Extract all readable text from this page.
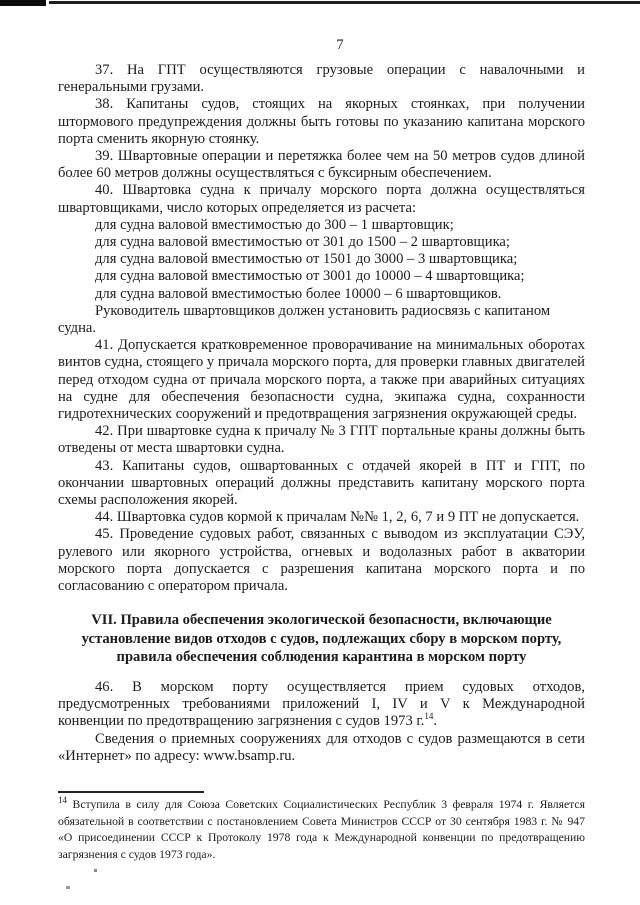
7
37. На ГПТ осуществляются грузовые операции с навалочными и генеральными грузами.
38. Капитаны судов, стоящих на якорных стоянках, при получении штормового предупреждения должны быть готовы по указанию капитана морского порта сменить якорную стоянку.
39. Швартовные операции и перетяжка более чем на 50 метров судов длиной более 60 метров должны осуществляться с буксирным обеспечением.
40. Швартовка судна к причалу морского порта должна осуществляться швартовщиками, число которых определяется из расчета:
для судна валовой вместимостью до 300 – 1 швартовщик;
для судна валовой вместимостью от 301 до 1500 – 2 швартовщика;
для судна валовой вместимостью от 1501 до 3000 – 3 швартовщика;
для судна валовой вместимостью от 3001 до 10000 – 4 швартовщика;
для судна валовой вместимостью более 10000 – 6 швартовщиков.
Руководитель швартовщиков должен установить радиосвязь с капитаном судна.
41. Допускается кратковременное проворачивание на минимальных оборотах винтов судна, стоящего у причала морского порта, для проверки главных двигателей перед отходом судна от причала морского порта, а также при аварийных ситуациях на судне для обеспечения безопасности судна, экипажа судна, сохранности гидротехнических сооружений и предотвращения загрязнения окружающей среды.
42. При швартовке судна к причалу № 3 ГПТ портальные краны должны быть отведены от места швартовки судна.
43. Капитаны судов, ошвартованных с отдачей якорей в ПТ и ГПТ, по окончании швартовных операций должны представить капитану морского порта схемы расположения якорей.
44. Швартовка судов кормой к причалам №№ 1, 2, 6, 7 и 9 ПТ не допускается.
45. Проведение судовых работ, связанных с выводом из эксплуатации СЭУ, рулевого или якорного устройства, огневых и водолазных работ в акватории морского порта допускается с разрешения капитана морского порта и по согласованию с оператором причала.
VII. Правила обеспечения экологической безопасности, включающие
установление видов отходов с судов, подлежащих сбору в морском порту,
правила обеспечения соблюдения карантина в морском порту
46. В морском порту осуществляется прием судовых отходов, предусмотренных требованиями приложений I, IV и V к Международной конвенции по предотвращению загрязнения с судов 1973 г.$^{14}$.
Сведения о приемных сооружениях для отходов с судов размещаются в сети «Интернет» по адресу: www.bsamp.ru.
$^{14}$ Вступила в силу для Союза Советских Социалистических Республик 3 февраля 1974 г. Является обязательной в соответствии с постановлением Совета Министров СССР от 30 сентября 1983 г. № 947 «О присоединении СССР к Протоколу 1978 года к Международной конвенции по предотвращению загрязнения с судов 1973 года».
